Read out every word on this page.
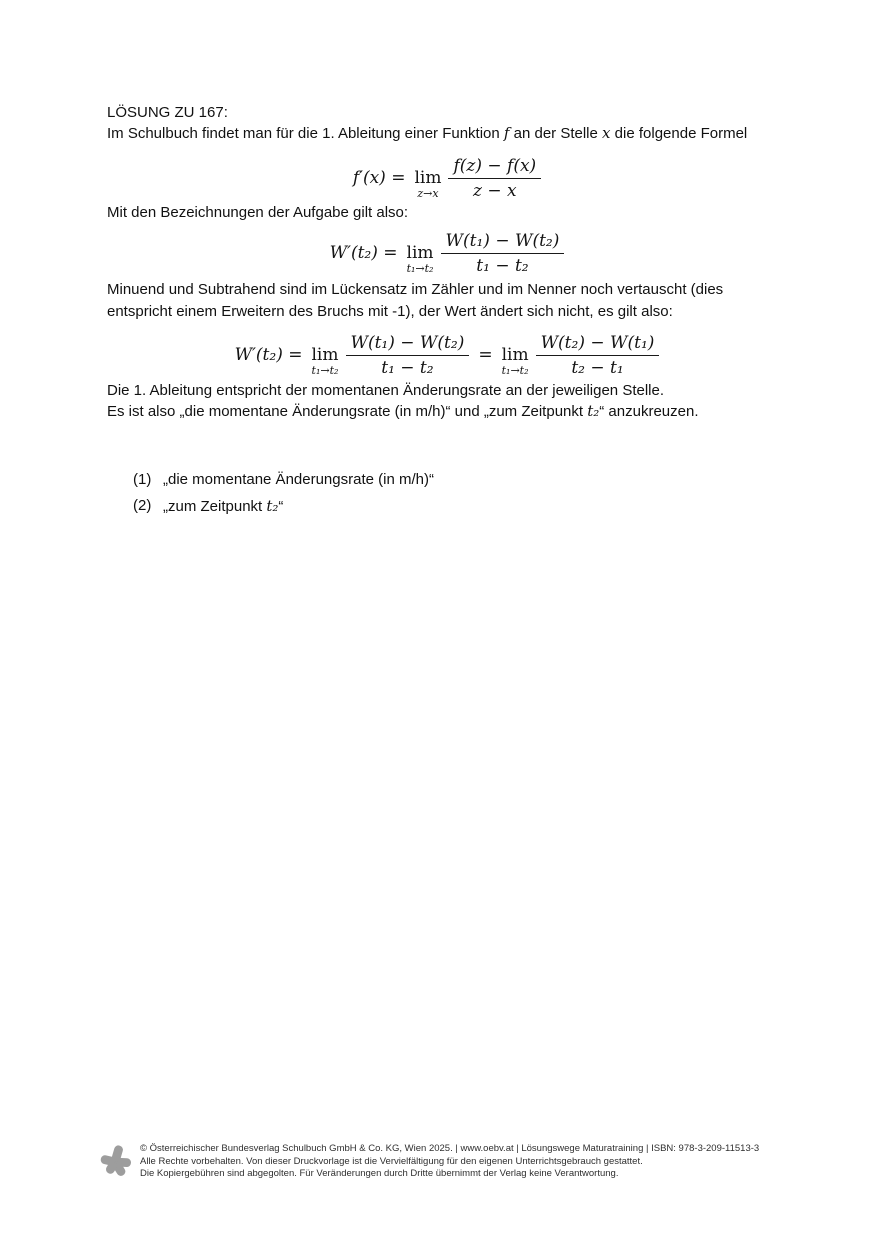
LÖSUNG ZU 167:

Im Schulbuch findet man für die 1. Ableitung einer Funktion f an der Stelle x die folgende Formel

f′(x) = lim
$z\to x \frac{f(z) - f(x)}{z - x}$

Mit den Bezeichnungen der Aufgabe gilt also:

W′(t₂) = lim
$t_1\to t_2 \frac{\text{W(t₁) − W(t₂)}}{\text{t₁ − t₂}}$

Minuend und Subtrahend sind im Lückensatz im Zähler und im Nenner noch vertauscht (dies entspricht einem Erweitern des Bruchs mit -1), der Wert ändert sich nicht, es gilt also:

W′(t₂) = lim
$t_1\to t_2 \frac{\text{W(t₁) − W(t₂)}}{\text{t₁ − t₂}} = \lim$
$t_1\to t_2 \frac{\text{W(t₂) − W(t₁)}}{\text{t₂ − t₁}}$

Die 1. Ableitung entspricht der momentanen Änderungsrate an der jeweiligen Stelle.

Es ist also „die momentane Änderungsrate (in m/h)“ und „zum Zeitpunkt t₂“ anzukreuzen.

(1) „die momentane Änderungsrate (in m/h)“
(2) „zum Zeitpunkt t₂“
© Österreichischer Bundesverlag Schulbuch GmbH & Co. KG, Wien 2025. | www.oebv.at | Lösungswege Maturatraining | ISBN: 978-3-209-11513-3
Alle Rechte vorbehalten. Von dieser Druckvorlage ist die Vervielfältigung für den eigenen Unterrichtsgebrauch gestattet.
Die Kopiergebühren sind abgegolten. Für Veränderungen durch Dritte übernimmt der Verlag keine Verantwortung.
